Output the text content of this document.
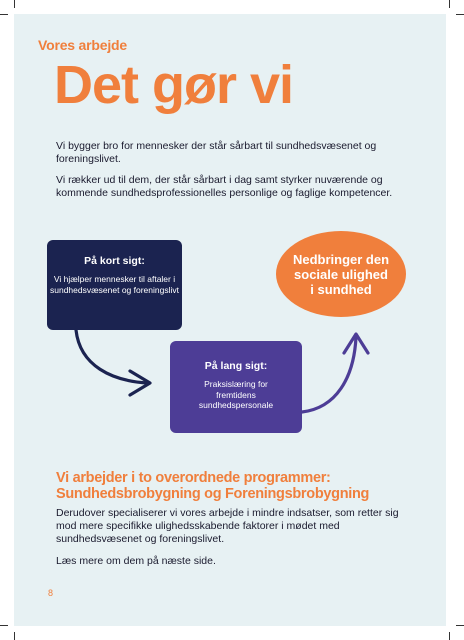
Vores arbejde
Det gør vi
Vi bygger bro for mennesker der står sårbart til sundhedsvæsenet og foreningslivet.
Vi rækker ud til dem, der står sårbart i dag samt styrker nuværende og kommende sundhedsprofessionelles personlige og faglige kompetencer.
På kort sigt:
Vi hjælper mennesker til aftaler i sundhedsvæsenet og foreningslivt
På lang sigt:
Praksislæring for fremtidens sundhedspersonale
Nedbringer den sociale ulighed i sundhed
Vi arbejder i to overordnede programmer: Sundhedsbrobygning og Foreningsbrobygning
Derudover specialiserer vi vores arbejde i mindre indsatser, som retter sig mod mere specifikke ulighedsskabende faktorer i mødet med sundhedsvæsenet og foreningslivet.
Læs mere om dem på næste side.
8
